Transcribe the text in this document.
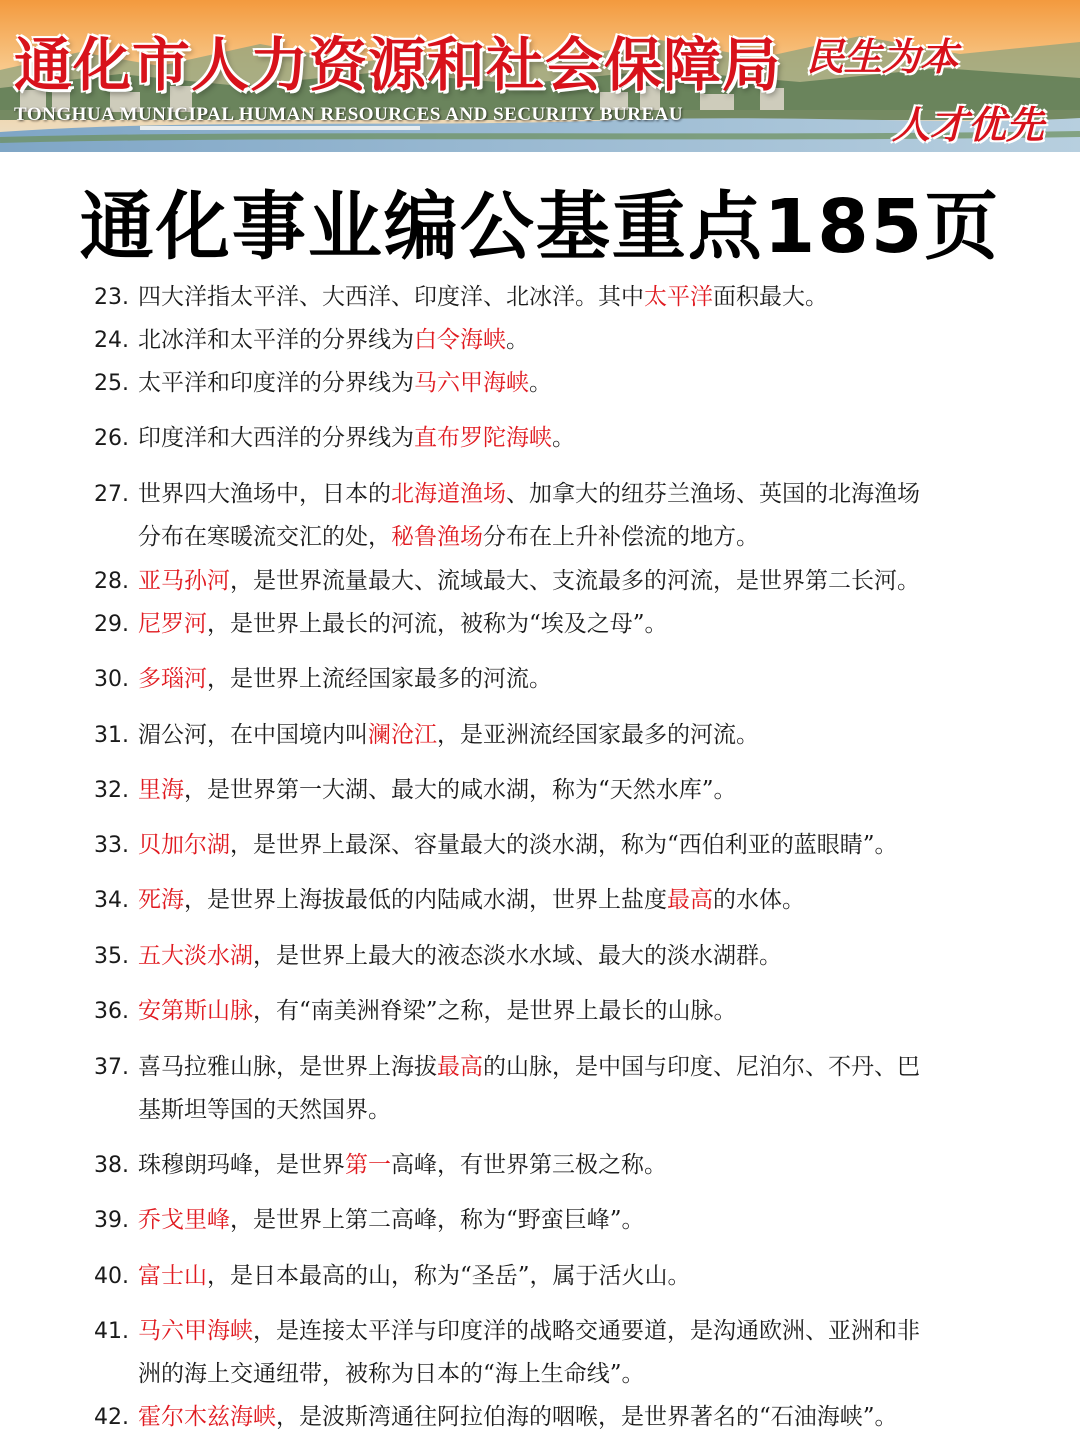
通化市人力资源和社会保障局
TONGHUA MUNICIPAL HUMAN RESOURCES AND SECURITY BUREAU
民生为本
人才优先
通化事业编公基重点185页
23. 四大洋指太平洋、大西洋、印度洋、北冰洋。其中太平洋面积最大。
24. 北冰洋和太平洋的分界线为白令海峡。
25. 太平洋和印度洋的分界线为马六甲海峡。
26. 印度洋和大西洋的分界线为直布罗陀海峡。
27. 世界四大渔场中，日本的北海道渔场、加拿大的纽芬兰渔场、英国的北海渔场
分布在寒暖流交汇的处，秘鲁渔场分布在上升补偿流的地方。
28. 亚马孙河，是世界流量最大、流域最大、支流最多的河流，是世界第二长河。
29. 尼罗河，是世界上最长的河流，被称为“埃及之母”。
30. 多瑙河，是世界上流经国家最多的河流。
31. 湄公河，在中国境内叫澜沧江，是亚洲流经国家最多的河流。
32. 里海，是世界第一大湖、最大的咸水湖，称为“天然水库”。
33. 贝加尔湖，是世界上最深、容量最大的淡水湖，称为“西伯利亚的蓝眼睛”。
34. 死海，是世界上海拔最低的内陆咸水湖，世界上盐度最高的水体。
35. 五大淡水湖，是世界上最大的液态淡水水域、最大的淡水湖群。
36. 安第斯山脉，有“南美洲脊梁”之称，是世界上最长的山脉。
37. 喜马拉雅山脉，是世界上海拔最高的山脉，是中国与印度、尼泊尔、不丹、巴
基斯坦等国的天然国界。
38. 珠穆朗玛峰，是世界第一高峰，有世界第三极之称。
39. 乔戈里峰，是世界上第二高峰，称为“野蛮巨峰”。
40. 富士山，是日本最高的山，称为“圣岳”，属于活火山。
41. 马六甲海峡，是连接太平洋与印度洋的战略交通要道，是沟通欧洲、亚洲和非
洲的海上交通纽带，被称为日本的“海上生命线”。
42. 霍尔木兹海峡，是波斯湾通往阿拉伯海的咽喉，是世界著名的“石油海峡”。
